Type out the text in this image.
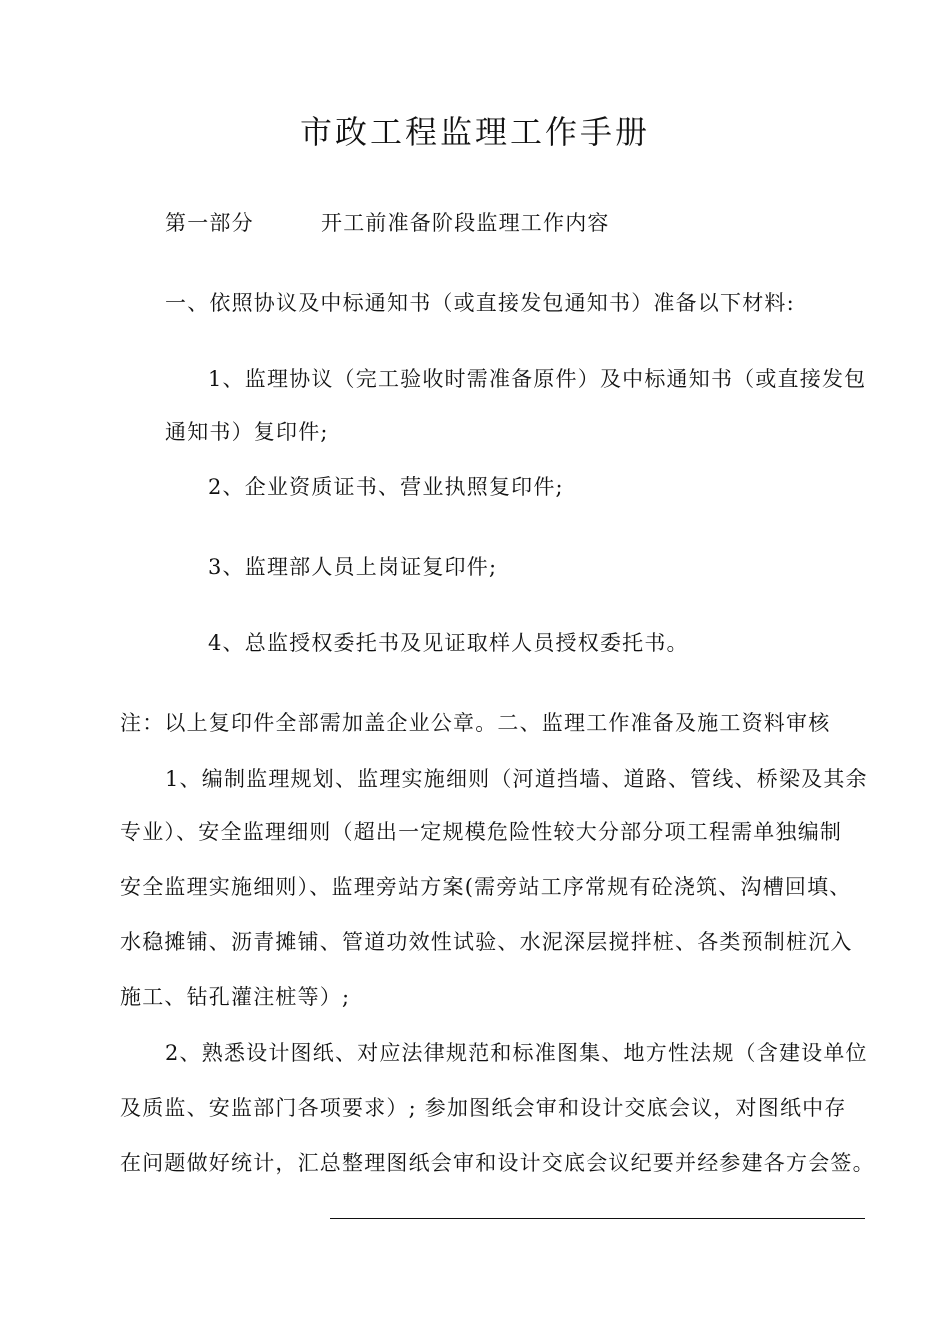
市政工程监理工作手册
第一部分	开工前准备阶段监理工作内容
一、依照协议及中标通知书（或直接发包通知书）准备以下材料:
1、监理协议（完工验收时需准备原件）及中标通知书（或直接发包
通知书）复印件;
2、企业资质证书、营业执照复印件;
3、监理部人员上岗证复印件;
4、总监授权委托书及见证取样人员授权委托书。
注：以上复印件全部需加盖企业公章。二、监理工作准备及施工资料审核
1、编制监理规划、监理实施细则（河道挡墙、道路、管线、桥梁及其余
专业）、安全监理细则（超出一定规模危险性较大分部分项工程需单独编制
安全监理实施细则）、监理旁站方案(需旁站工序常规有砼浇筑、沟槽回填、
水稳摊铺、沥青摊铺、管道功效性试验、水泥深层搅拌桩、各类预制桩沉入
施工、钻孔灌注桩等）;
2、熟悉设计图纸、对应法律规范和标准图集、地方性法规（含建设单位
及质监、安监部门各项要求）; 参加图纸会审和设计交底会议，对图纸中存
在问题做好统计，汇总整理图纸会审和设计交底会议纪要并经参建各方会签。
